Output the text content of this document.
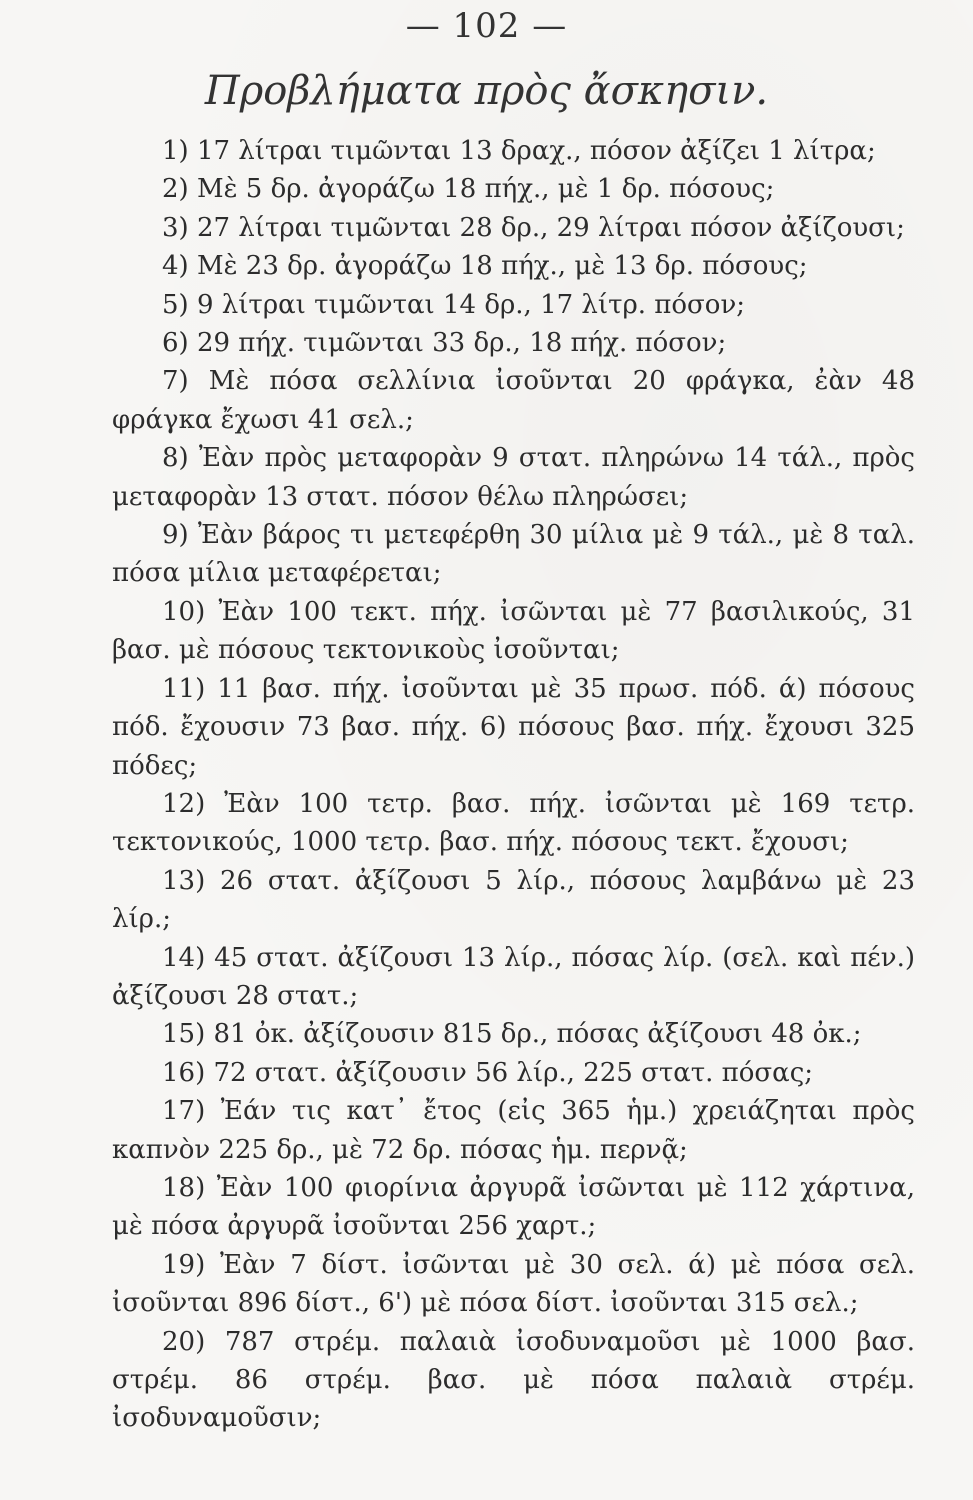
— 102 —
Προβλήματα πρὸς ἄσκησιν.
1) 17 λίτραι τιμῶνται 13 δραχ., πόσον ἀξίζει 1 λίτρα;
2) Μὲ 5 δρ. ἀγοράζω 18 πήχ., μὲ 1 δρ. πόσους;
3) 27 λίτραι τιμῶνται 28 δρ., 29 λίτραι πόσον ἀξίζουσι;
4) Μὲ 23 δρ. ἀγοράζω 18 πήχ., μὲ 13 δρ. πόσους;
5) 9 λίτραι τιμῶνται 14 δρ., 17 λίτρ. πόσον;
6) 29 πήχ. τιμῶνται 33 δρ., 18 πήχ. πόσον;
7) Μὲ πόσα σελλίνια ἰσοῦνται 20 φράγκα, ἐὰν 48 φράγκα ἔχωσι 41 σελ.;
8) Ἐὰν πρὸς μεταφορὰν 9 στατ. πληρώνω 14 τάλ., πρὸς μεταφορὰν 13 στατ. πόσον θέλω πληρώσει;
9) Ἐὰν βάρος τι μετεφέρθη 30 μίλια μὲ 9 τάλ., μὲ 8 ταλ. πόσα μίλια μεταφέρεται;
10) Ἐὰν 100 τεκτ. πήχ. ἰσῶνται μὲ 77 βασιλικούς, 31 βασ. μὲ πόσους τεκτονικοὺς ἰσοῦνται;
11) 11 βασ. πήχ. ἰσοῦνται μὲ 35 πρωσ. πόδ. ά) πόσους πόδ. ἔχουσιν 73 βασ. πήχ. 6) πόσους βασ. πήχ. ἔχουσι 325 πόδες;
12) Ἐὰν 100 τετρ. βασ. πήχ. ἰσῶνται μὲ 169 τετρ. τεκτονικούς, 1000 τετρ. βασ. πήχ. πόσους τεκτ. ἔχουσι;
13) 26 στατ. ἀξίζουσι 5 λίρ., πόσους λαμβάνω μὲ 23 λίρ.;
14) 45 στατ. ἀξίζουσι 13 λίρ., πόσας λίρ. (σελ. καὶ πέν.) ἀξίζουσι 28 στατ.;
15) 81 ὀκ. ἀξίζουσιν 815 δρ., πόσας ἀξίζουσι 48 ὀκ.;
16) 72 στατ. ἀξίζουσιν 56 λίρ., 225 στατ. πόσας;
17) Ἐάν τις κατ᾽ ἔτος (εἰς 365 ἡμ.) χρειάζηται πρὸς καπνὸν 225 δρ., μὲ 72 δρ. πόσας ἡμ. περνᾷ;
18) Ἐὰν 100 φιορίνια ἀργυρᾶ ἰσῶνται μὲ 112 χάρτινα, μὲ πόσα ἀργυρᾶ ἰσοῦνται 256 χαρτ.;
19) Ἐὰν 7 δίστ. ἰσῶνται μὲ 30 σελ. ά) μὲ πόσα σελ. ἰσοῦνται 896 δίστ., 6') μὲ πόσα δίστ. ἰσοῦνται 315 σελ.;
20) 787 στρέμ. παλαιὰ ἰσοδυναμοῦσι μὲ 1000 βασ. στρέμ. 86 στρέμ. βασ. μὲ πόσα παλαιὰ στρέμ. ἰσοδυναμοῦσιν;
